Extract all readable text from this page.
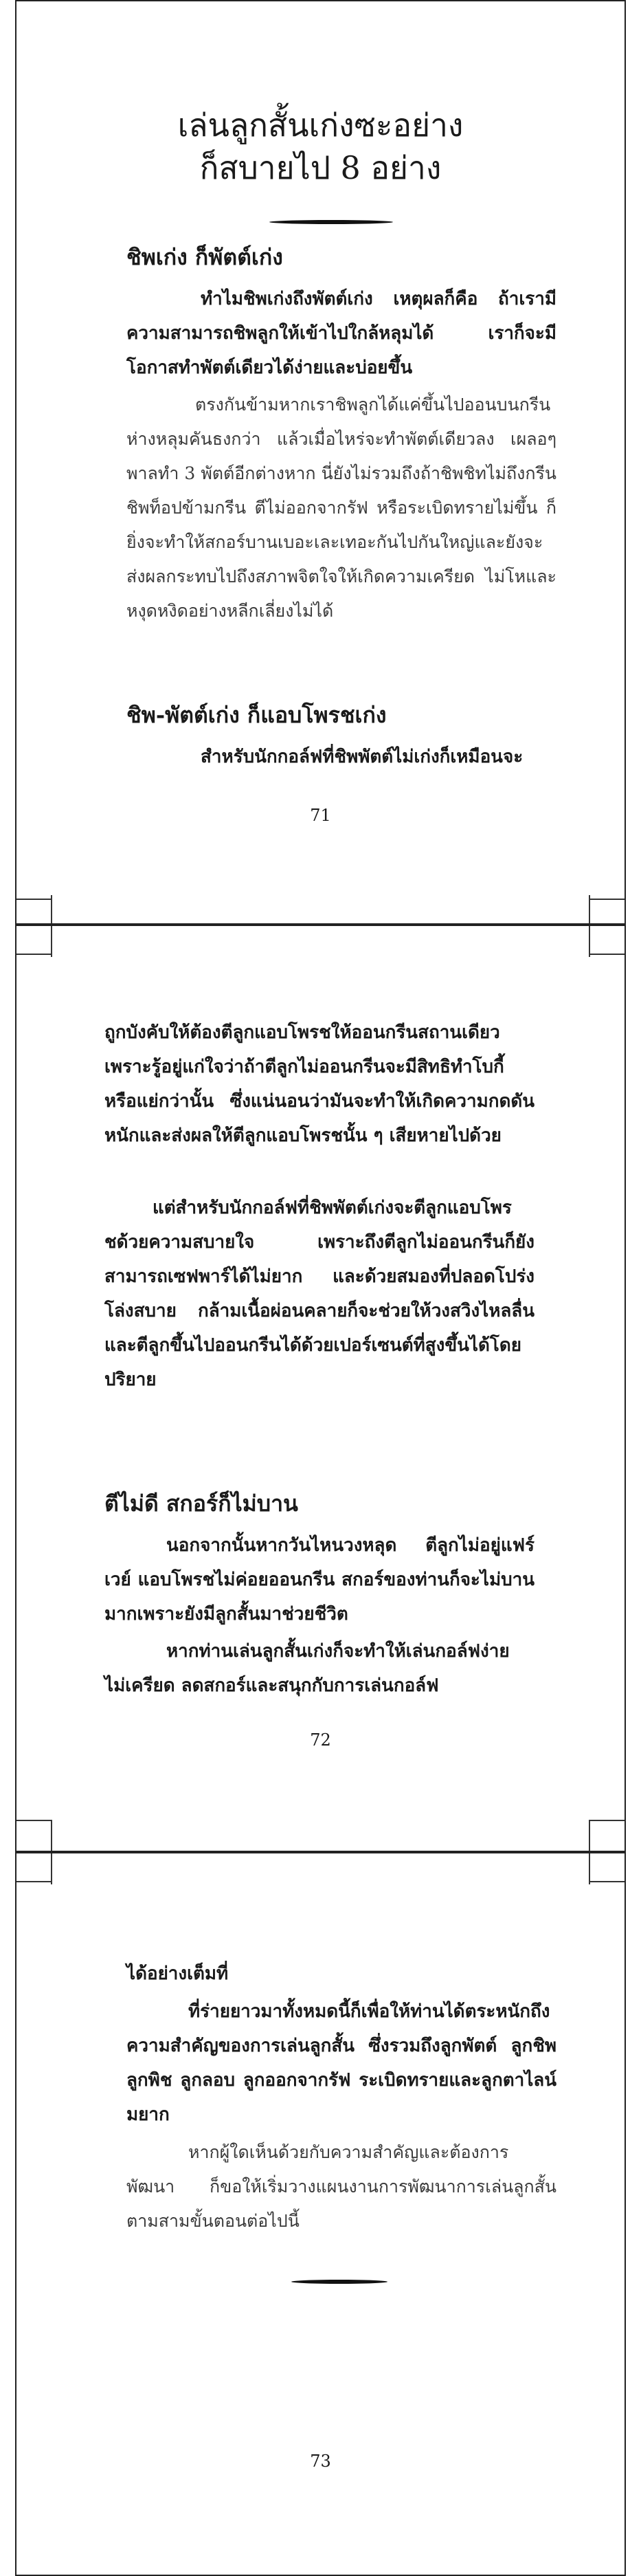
เล่นลูกสั้นเก่งซะอย่าง
ก็สบายไป 8 อย่าง
ชิพเก่ง ก็พัตต์เก่ง

ทำไมชิพเก่งถึงพัตต์เก่ง เหตุผลก็คือ ถ้าเรามีความสามารถชิพลูกให้เข้าไปใกล้หลุมได้ เราก็จะมีโอกาสทำพัตต์เดียวได้ง่ายและบ่อยขึ้น

ตรงกันข้ามหากเราชิพลูกได้แค่ขึ้นไปออนบนกรีน ห่างหลุมคันธงกว่า แล้วเมื่อไหร่จะทำพัตต์เดียวลง เผลอๆ พาลทำ 3 พัตต์อีกต่างหาก นี่ยังไม่รวมถึงถ้าชิพชิทไม่ถึงกรีน ชิพท็อปข้ามกรีน ตีไม่ออกจากรัฟ หรือระเบิดทรายไม่ขึ้น ก็ยิ่งจะทำให้สกอร์บานเบอะเละเทอะกันไปกันใหญ่และยังจะส่งผลกระทบไปถึงสภาพจิตใจให้เกิดความเครียด ไม่โหและหงุดหงิดอย่างหลีกเลี่ยงไม่ได้

ชิพ-พัตต์เก่ง ก็แอบโพรชเก่ง

สำหรับนักกอล์ฟที่ชิพพัตต์ไม่เก่งก็เหมือนจะ

71

ถูกบังคับให้ต้องตีลูกแอบโพรชให้ออนกรีนสถานเดียว เพราะรู้อยู่แก่ใจว่าถ้าตีลูกไม่ออนกรีนจะมีสิทธิทำโบกี้ หรือแย่กว่านั้น ซึ่งแน่นอนว่ามันจะทำให้เกิดความกดดันหนักและส่งผลให้ตีลูกแอบโพรชนั้น ๆ เสียหายไปด้วย

แต่สำหรับนักกอล์ฟที่ชิพพัตต์เก่งจะตีลูกแอบโพรชด้วยความสบายใจ เพราะถึงตีลูกไม่ออนกรีนก็ยังสามารถเซฟพาร์ได้ไม่ยาก และด้วยสมองที่ปลอดโปร่งโล่งสบาย กล้ามเนื้อผ่อนคลายก็จะช่วยให้วงสวิงไหลลื่นและตีลูกขึ้นไปออนกรีนได้ด้วยเปอร์เซนต์ที่สูงขึ้นได้โดยปริยาย

ตีไม่ดี สกอร์ก็ไม่บาน

นอกจากนั้นหากวันไหนวงหลุด ตีลูกไม่อยู่แฟร์เวย์ แอบโพรชไม่ค่อยออนกรีน สกอร์ของท่านก็จะไม่บานมากเพราะยังมีลูกสั้นมาช่วยชีวิต

หากท่านเล่นลูกสั้นเก่งก็จะทำให้เล่นกอล์ฟง่าย ไม่เครียด ลดสกอร์และสนุกกับการเล่นกอล์ฟ

72

ได้อย่างเต็มที่

ที่ร่ายยาวมาทั้งหมดนี้ก็เพื่อให้ท่านได้ตระหนักถึงความสำคัญของการเล่นลูกสั้น ซึ่งรวมถึงลูกพัตต์ ลูกชิพ ลูกพิช ลูกลอบ ลูกออกจากรัฟ ระเบิดทรายและลูกตาไลน์มยาก

หากผู้ใดเห็นด้วยกับความสำคัญและต้องการพัฒนา ก็ขอให้เริ่มวางแผนงานการพัฒนาการเล่นลูกสั้นตามสามขั้นตอนต่อไปนี้

73
